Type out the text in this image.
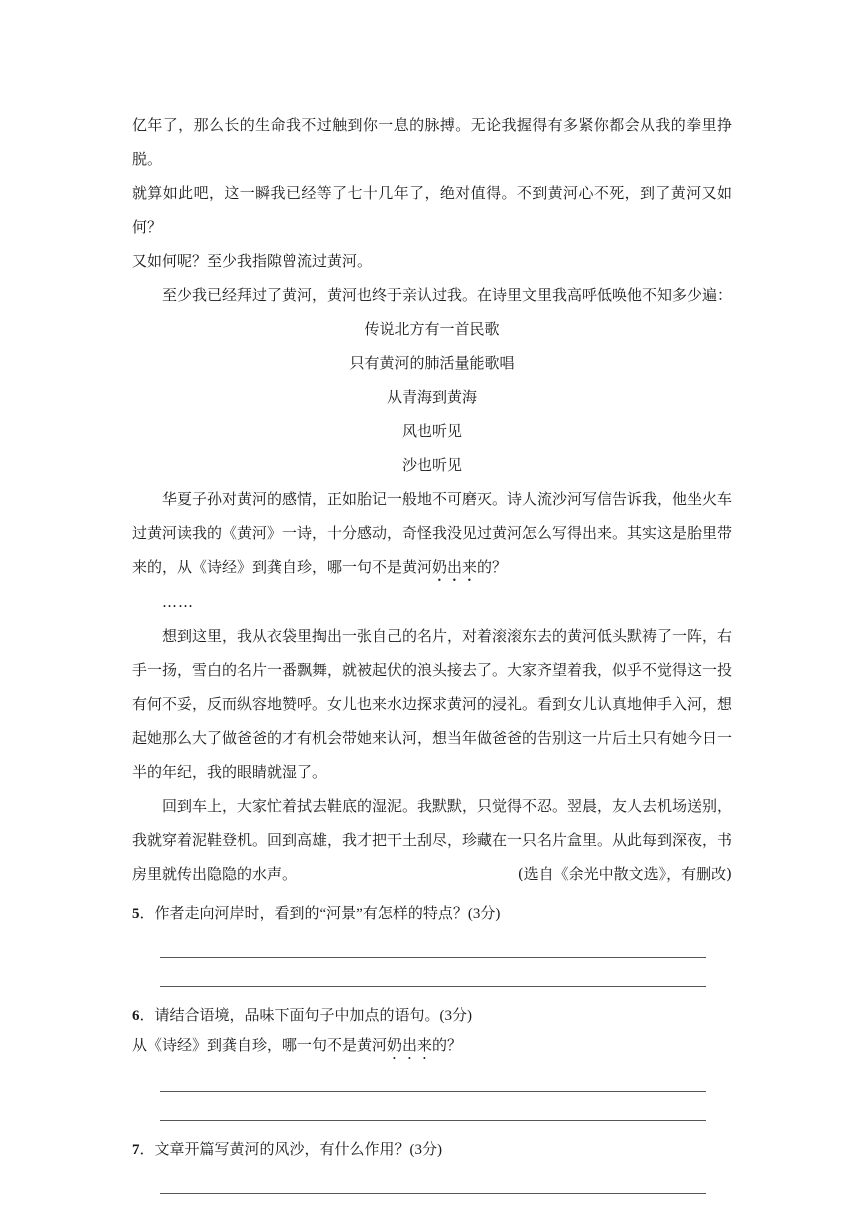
亿年了，那么长的生命我不过触到你一息的脉搏。无论我握得有多紧你都会从我的拳里挣脱。

就算如此吧，这一瞬我已经等了七十几年了，绝对值得。不到黄河心不死，到了黄河又如何？

又如何呢？至少我指隙曾流过黄河。

至少我已经拜过了黄河，黄河也终于亲认过我。在诗里文里我高呼低唤他不知多少遍：

传说北方有一首民歌

只有黄河的肺活量能歌唱

从青海到黄海

风也听见

沙也听见

华夏子孙对黄河的感情，正如胎记一般地不可磨灭。诗人流沙河写信告诉我，他坐火车过黄河读我的《黄河》一诗，十分感动，奇怪我没见过黄河怎么写得出来。其实这是胎里带来的，从《诗经》到龚自珍，哪一句不是黄河奶出来的？

……

想到这里，我从衣袋里掏出一张自己的名片，对着滚滚东去的黄河低头默祷了一阵，右手一扬，雪白的名片一番飘舞，就被起伏的浪头接去了。大家齐望着我，似乎不觉得这一投有何不妥，反而纵容地赞呼。女儿也来水边探求黄河的浸礼。看到女儿认真地伸手入河，想起她那么大了做爸爸的才有机会带她来认河，想当年做爸爸的告别这一片后土只有她今日一半的年纪，我的眼睛就湿了。

回到车上，大家忙着拭去鞋底的湿泥。我默默，只觉得不忍。翌晨，友人去机场送别，我就穿着泥鞋登机。回到高雄，我才把干土刮尽，珍藏在一只名片盒里。从此每到深夜，书

房里就传出隐隐的水声。	(选自《余光中散文选》，有删改)

5．作者走向河岸时，看到的“河景”有怎样的特点？(3分)

6．请结合语境，品味下面句子中加点的语句。(3分)

从《诗经》到龚自珍，哪一句不是黄河奶出来的？

7．文章开篇写黄河的风沙，有什么作用？(3分)
